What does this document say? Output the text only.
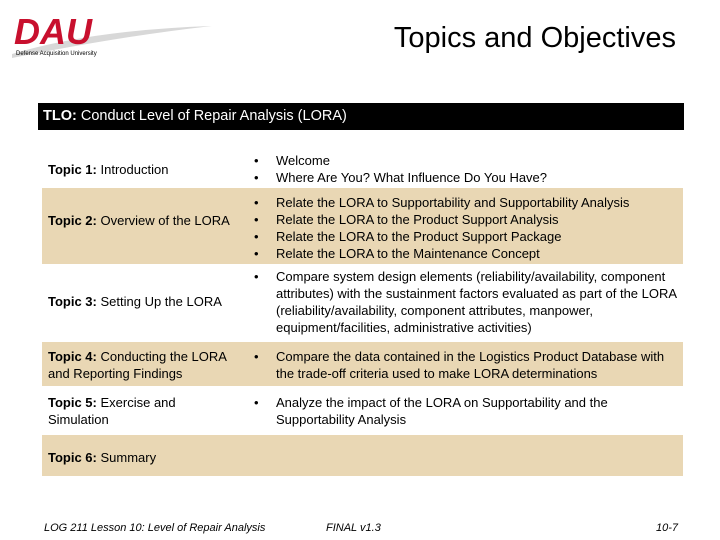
DAU
Defense Acquisition University	Topics and Objectives
TLO: Conduct Level of Repair Analysis (LORA)
Topic 1: Introduction
• Welcome
• Where Are You? What Influence Do You Have?
Topic 2: Overview of the LORA
• Relate the LORA to Supportability and Supportability Analysis
• Relate the LORA to the Product Support Analysis
• Relate the LORA to the Product Support Package
• Relate the LORA to the Maintenance Concept
Topic 3: Setting Up the LORA
• Compare system design elements (reliability/availability, component attributes) with the sustainment factors evaluated as part of the LORA (reliability/availability, component attributes, manpower, equipment/facilities, administrative activities)
Topic 4: Conducting the LORA and Reporting Findings
• Compare the data contained in the Logistics Product Database with the trade-off criteria used to make LORA determinations
Topic 5: Exercise and Simulation
• Analyze the impact of the LORA on Supportability and the Supportability Analysis
Topic 6: Summary
LOG 211 Lesson 10: Level of Repair Analysis	FINAL v1.3	10-7
